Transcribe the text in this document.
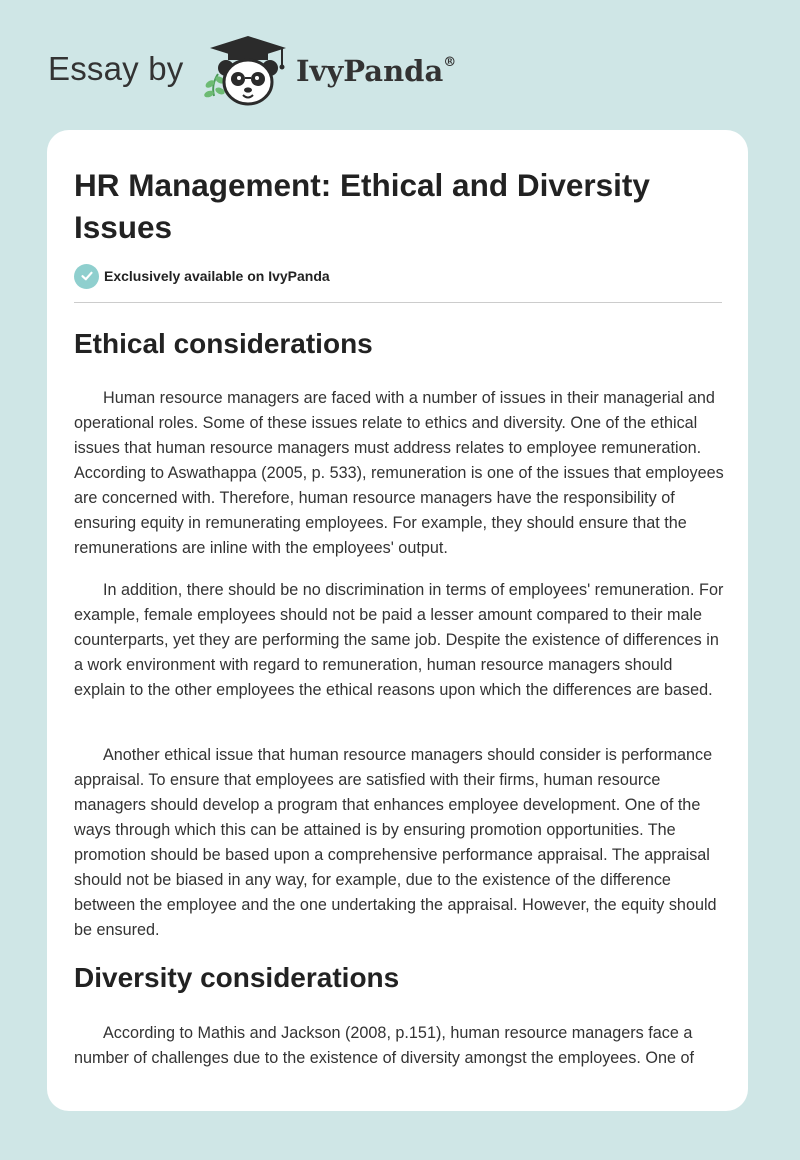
Essay by	IvyPanda®
HR Management: Ethical and Diversity Issues
Exclusively available on IvyPanda
Ethical considerations

Human resource managers are faced with a number of issues in their managerial and operational roles. Some of these issues relate to ethics and diversity. One of the ethical issues that human resource managers must address relates to employee remuneration. According to Aswathappa (2005, p. 533), remuneration is one of the issues that employees are concerned with. Therefore, human resource managers have the responsibility of ensuring equity in remunerating employees. For example, they should ensure that the remunerations are inline with the employees' output.

In addition, there should be no discrimination in terms of employees' remuneration. For example, female employees should not be paid a lesser amount compared to their male counterparts, yet they are performing the same job. Despite the existence of differences in a work environment with regard to remuneration, human resource managers should explain to the other employees the ethical reasons upon which the differences are based.

Another ethical issue that human resource managers should consider is performance appraisal. To ensure that employees are satisfied with their firms, human resource managers should develop a program that enhances employee development. One of the ways through which this can be attained is by ensuring promotion opportunities. The promotion should be based upon a comprehensive performance appraisal. The appraisal should not be biased in any way, for example, due to the existence of the difference between the employee and the one undertaking the appraisal. However, the equity should be ensured.

Diversity considerations

According to Mathis and Jackson (2008, p.151), human resource managers face a number of challenges due to the existence of diversity amongst the employees. One of
